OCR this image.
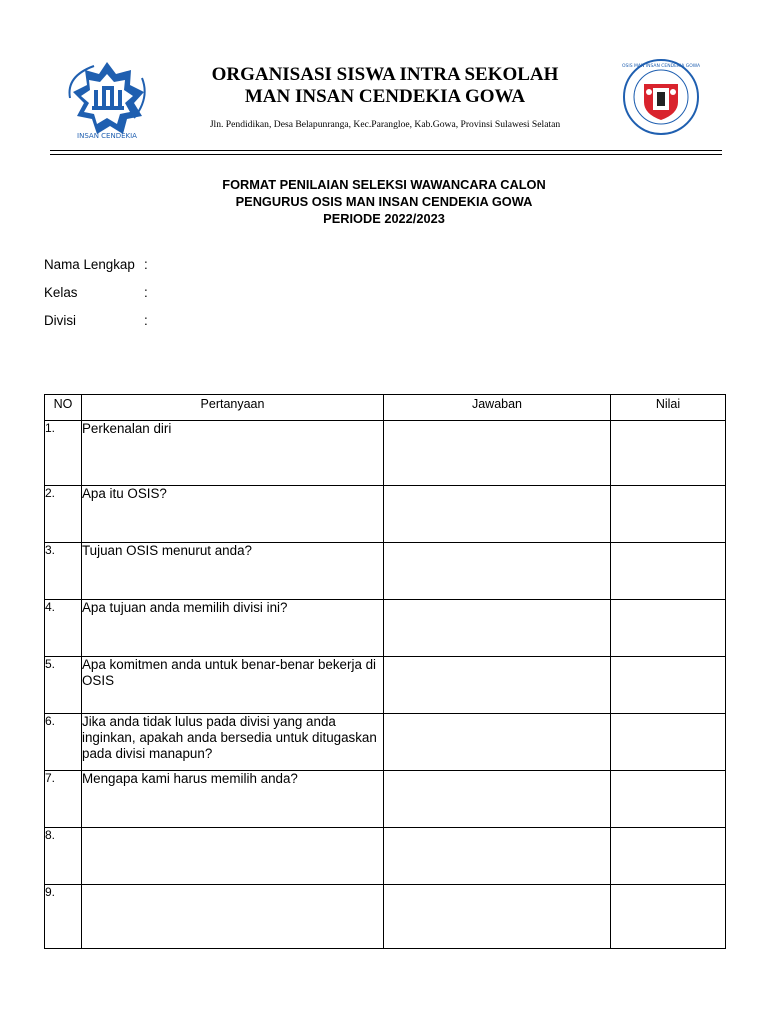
INSAN CENDEKIA
OSIS MAN INSAN CENDEKIA GOWA
ORGANISASI SISWA INTRA SEKOLAH
MAN INSAN CENDEKIA GOWA
Jln. Pendidikan, Desa Belapunranga, Kec.Parangloe, Kab.Gowa, Provinsi Sulawesi Selatan
FORMAT PENILAIAN SELEKSI WAWANCARA CALON
PENGURUS OSIS MAN INSAN CENDEKIA GOWA
PERIODE 2022/2023
Nama Lengkap :
Kelas	:
Divisi	:
NO	Pertanyaan	Jawaban	Nilai
1.	Perkenalan diri		
2.	Apa itu OSIS?		
3.	Tujuan OSIS menurut anda?		
4.	Apa tujuan anda memilih divisi ini?		
5.	Apa komitmen anda untuk benar-benar bekerja di OSIS		
6.	Jika anda tidak lulus pada divisi yang anda inginkan, apakah anda bersedia untuk ditugaskan pada divisi manapun?		
7.	Mengapa kami harus memilih anda?		
8.			
9.			
